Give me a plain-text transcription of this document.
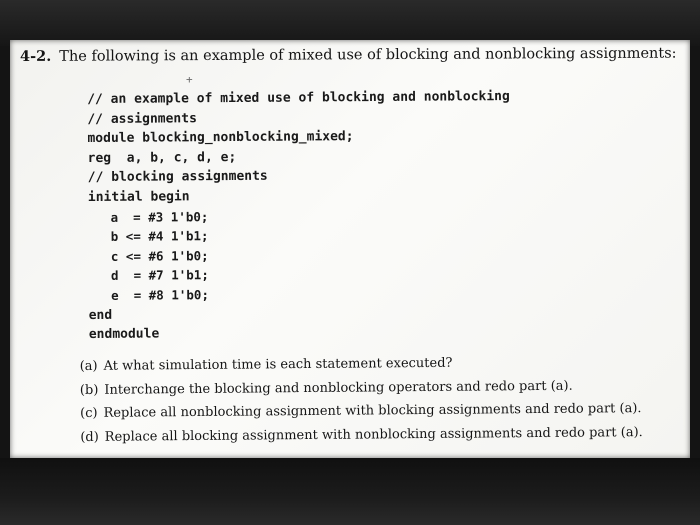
4-2. The following is an example of mixed use of blocking and nonblocking assignments:
+
// an example of mixed use of blocking and nonblocking
// assignments
module blocking_nonblocking_mixed;
reg  a, b, c, d, e;
// blocking assignments
initial begin
a  = #3 1'b0;
b <= #4 1'b1;
c <= #6 1'b0;
d  = #7 1'b1;
e  = #8 1'b0;
end
endmodule
(a) At what simulation time is each statement executed?
(b) Interchange the blocking and nonblocking operators and redo part (a).
(c) Replace all nonblocking assignment with blocking assignments and redo part (a).
(d) Replace all blocking assignment with nonblocking assignments and redo part (a).
